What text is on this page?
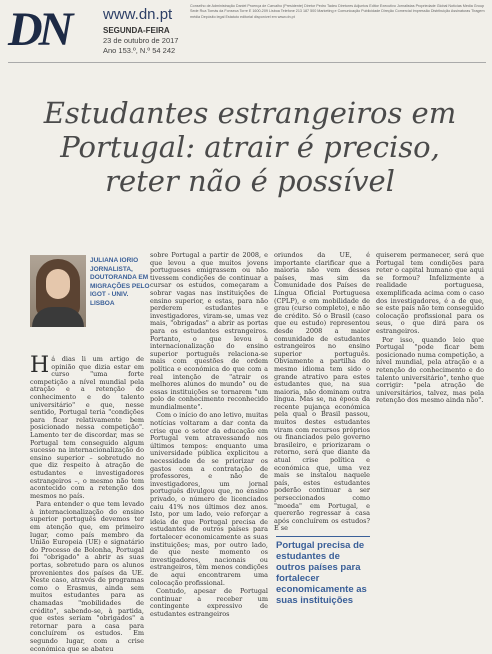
DN www.dn.pt
SEGUNDA-FEIRA
23 de outubro de 2017
Ano 153.º, N.º 54 242
Conselho de Administração Daniel Proença de Carvalho (Presidente) Diretor Pedro Tadeu Diretores Adjuntos Editor Executivo Jornalistas Propriedade Global Notícias Media Group Sede Rua Tomás da Fonseca Torre E 1600-209 Lisboa Telefone 213 187 500 Marketing e Comunicação Publicidade Direção Comercial Impressão Distribuição Assinaturas Tiragem média Depósito legal Estatuto editorial disponível em www.dn.pt
Estudantes estrangeiros em Portugal: atrair é preciso, reter não é possível
JULIANA IORIO
JORNALISTA, DOUTORANDA EM MIGRAÇÕES PELO IGOT - UNIV. LISBOA

Há dias li um artigo de opinião que dizia estar em curso "uma forte competição a nível mundial pela atração e a retenção do conhecimento e do talento universitário" e que, nesse sentido, Portugal teria "condições para ficar relativamente bem posicionado nessa competição". Lamento ter de discordar, mas se Portugal tem conseguido algum sucesso na internacionalização do ensino superior – sobretudo no que diz respeito à atração de estudantes e investigadores estrangeiros –, o mesmo não tem acontecido com a retenção dos mesmos no país.

Para entender o que tem levado à internacionalização do ensino superior português devemos ter em atenção que, em primeiro lugar, como país membro da União Europeia (UE) e signatário do Processo de Bolonha, Portugal foi "obrigado" a abrir as suas portas, sobretudo para os alunos provenientes dos países da UE. Neste caso, através de programas como o Erasmus, ainda sem muitos estudantes para as chamadas "mobilidades de crédito", sabendo-se, à partida, que estes seriam "obrigados" a retornar para a casa para concluírem os estudos. Em segundo lugar, com a crise económica que se abateu

sobre Portugal a partir de 2008, e que levou a que muitos jovens portugueses emigrassem ou não tivessem condições de continuar a cursar os estudos, começaram a sobrar vagas nas instituições de ensino superior, e estas, para não perderem estudantes e investigadores, viram-se, umas vez mais, "obrigadas" a abrir as portas para os estudantes estrangeiros. Portanto, o que levou à internacionalização do ensino superior português relaciona-se mais com questões de ordem política e económica do que com a real intenção de "atrair os melhores alunos do mundo" ou de essas instituições se tornarem "um polo de conhecimento reconhecido mundialmente".

Com o início do ano letivo, muitas notícias voltaram a dar conta da crise que o setor da educação em Portugal vem atravessando nos últimos tempos: enquanto uma universidade pública explicitou a necessidade de se priorizar os gastos com a contratação de professores, e não de investigadores, um jornal português divulgou que, no ensino privado, o número de licenciados caiu 41% nos últimos dez anos. Isto, por um lado, veio reforçar a ideia de que Portugal precisa de estudantes de outros países para fortalecer economicamente as suas instituições; mas, por outro lado, de que neste momento os investigadores, nacionais ou estrangeiros, têm menos condições de aqui encontrarem uma colocação profissional.

Contudo, apesar de Portugal continuar a receber um contingente expressivo de estudantes estrangeiros

oriundos da UE, é importante clarificar que a maioria não vem desses países, mas sim da Comunidade dos Países de Língua Oficial Portuguesa (CPLP), e em mobilidade de grau (curso completo), e não de crédito. Só o Brasil (caso que eu estudo) representou desde 2008 a maior comunidade de estudantes estrangeiros no ensino superior português. Obviamente a partilha do mesmo idioma tem sido o grande atrativo para estes estudantes que, na sua maioria, não dominam outra língua. Mas se, na época da recente pujança económica pela qual o Brasil passou, muitos destes estudantes viram com recursos próprios ou financiados pelo governo brasileiro, e priorizaram o retorno, será que diante da atual crise política e económica que, uma vez mais se instalou naquele país, estes estudantes poderão continuar a ser perseccionados como "moeda" em Portugal, e quererão regressar a casa após concluírem os estudos? E se

Portugal precisa de estudantes de outros países para fortalecer economicamente as suas instituições

quiserem permanecer, será que Portugal tem condições para reter o capital humano que aqui se formou? Infelizmente a realidade portuguesa, exemplificada acima com o caso dos investigadores, é a de que, se este país não tem conseguido colocação profissional para os seus, o que dirá para os estrangeiros.

Por isso, quando leio que Portugal "pode ficar bem posicionado numa competição, a nível mundial, pela atração e a retenção do conhecimento e do talento universitário", tenho que corrigir: "pela atração de universitários, talvez, mas pela retenção dos mesmo ainda não".
